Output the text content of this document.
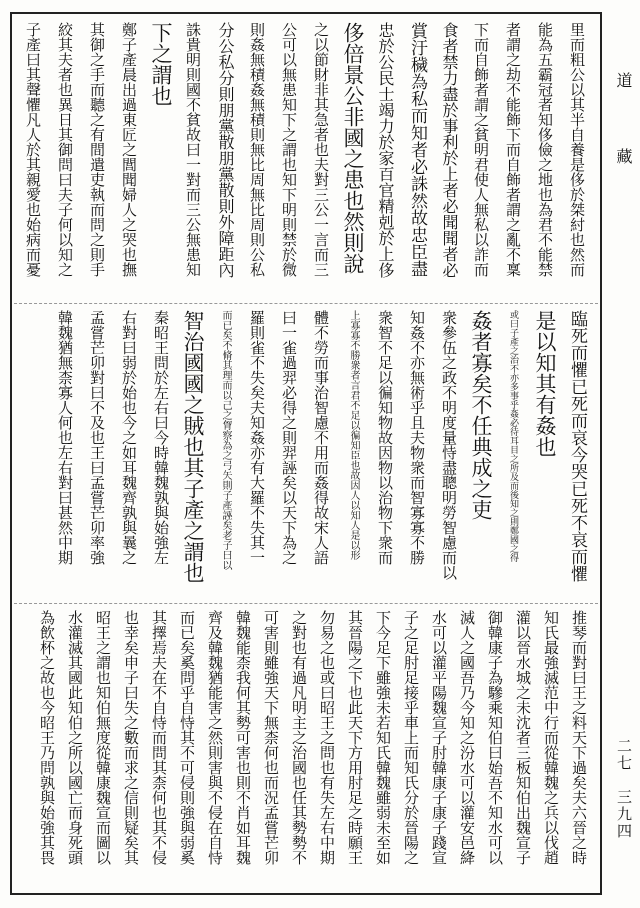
道　藏
二七　三九四
里而粗公以其半自養是侈於桀紂也然而
能為五霸冠者知侈儉之地也為君不能禁
者謂之劫不能飾下而自飾者謂之亂不稟
下而自飾者謂之貧明君使人無私以詐而
食者禁力盡於事利於上者必聞聞者必
賞汙穢為私而知者必誅然故忠臣盡
忠於公民士竭力於家百官精剋於上侈
侈倍景公非國之患也然則說
之以節財非其急者也夫對三公一言而三
公可以無患知下之謂也知下明則禁於微
則姦無積姦無積則無比周無比周則公私
分公私分則朋黨散朋黨散則外障距內
誅貴明則國不貧故曰一對而三公無患知
下之謂也
鄭子產晨出過東匠之閭聞婦人之哭也撫
其御之手而聽之有間遣吏執而問之則手
絞其夫者也異日其御問曰夫子何以知之
子產曰其聲懼凡人於其親愛也始病而憂
臨死而懼已死而哀今哭已死不哀而懼
是以知其有姦也
或曰子產之治不亦多事乎姦必待耳目之所及而後知之則鄭國之得
姦者寡矣不任典成之吏
衆參伍之政不明度量恃盡聰明勞智慮而以
知姦不亦無術乎且夫物衆而智寡寡不勝
衆智不足以徧知物故因物以治物下衆而
上寡寡不勝衆者言君不足以徧知臣也故因人以知人是以形
體不勞而事治智慮不用而姦得故宋人語
曰一雀過羿必得之則羿誣矣以天下為之
羅則雀不失矣夫知姦亦有大羅不失其一
而已矣不脩其理而以己之胷察為之弓矢則子產誣矣老子曰以
智治國國之賊也其子產之謂也
秦昭王問於左右曰今時韓魏孰與始強左
右對曰弱於始也今之如耳魏齊孰與曩之
孟嘗芒卯對曰不及也王曰孟嘗芒卯率強
韓魏猶無柰寡人何也左右對曰甚然中期
推琴而對曰王之料天下過矣夫六晉之時
知氏最強滅范中行而從韓魏之兵以伐趙
灌以晉水城之未沈者三板知伯出魏宣子
御韓康子為驂乘知伯曰始吾不知水可以
滅人之國吾乃今知之汾水可以灌安邑絳
水可以灌平陽魏宣子肘韓康子康子踐宣
子之足肘足接乎車上而知氏分於晉陽之
下今足下雖強未若知氏韓魏雖弱未至如
其晉陽之下也此天下方用肘足之時願王
勿易之也或曰昭王之問也有失左右中期
之對也有過凡明主之治國也任其勢勢不
可害則雖強天下無柰何也而況孟嘗芒卯
韓魏能柰我何其勢可害也則不肖如耳魏
齊及韓魏猶能害之然則害與不侵在自恃
而已矣奚問乎自恃其不可侵則強與弱奚
其擇焉夫在不自恃而問其柰何也其不侵
也幸矣申子曰失之數而求之信則疑矣其
昭王之謂也知伯無度從韓康魏宣而圖以
水灌滅其國此知伯之所以國亡而身死頭
為飲杯之故也今昭王乃問孰與始強其畏
